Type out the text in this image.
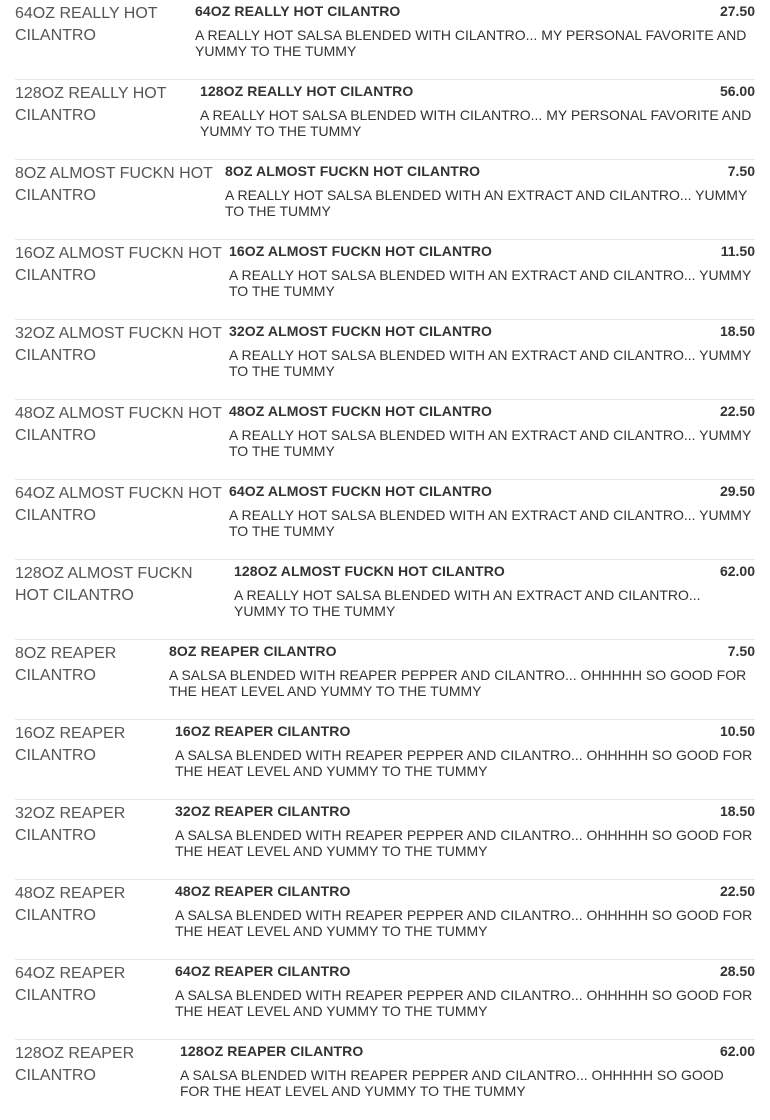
64OZ REALLY HOT CILANTRO
64OZ REALLY HOT CILANTRO	27.50
A REALLY HOT SALSA BLENDED WITH CILANTRO... MY PERSONAL FAVORITE AND YUMMY TO THE TUMMY
128OZ REALLY HOT CILANTRO
128OZ REALLY HOT CILANTRO	56.00
A REALLY HOT SALSA BLENDED WITH CILANTRO... MY PERSONAL FAVORITE AND YUMMY TO THE TUMMY
8OZ ALMOST FUCKN HOT CILANTRO
8OZ ALMOST FUCKN HOT CILANTRO	7.50
A REALLY HOT SALSA BLENDED WITH AN EXTRACT AND CILANTRO... YUMMY TO THE TUMMY
16OZ ALMOST FUCKN HOT CILANTRO
16OZ ALMOST FUCKN HOT CILANTRO	11.50
A REALLY HOT SALSA BLENDED WITH AN EXTRACT AND CILANTRO... YUMMY TO THE TUMMY
32OZ ALMOST FUCKN HOT CILANTRO
32OZ ALMOST FUCKN HOT CILANTRO	18.50
A REALLY HOT SALSA BLENDED WITH AN EXTRACT AND CILANTRO... YUMMY TO THE TUMMY
48OZ ALMOST FUCKN HOT CILANTRO
48OZ ALMOST FUCKN HOT CILANTRO	22.50
A REALLY HOT SALSA BLENDED WITH AN EXTRACT AND CILANTRO... YUMMY TO THE TUMMY
64OZ ALMOST FUCKN HOT CILANTRO
64OZ ALMOST FUCKN HOT CILANTRO	29.50
A REALLY HOT SALSA BLENDED WITH AN EXTRACT AND CILANTRO... YUMMY TO THE TUMMY
128OZ ALMOST FUCKN HOT CILANTRO
128OZ ALMOST FUCKN HOT CILANTRO	62.00
A REALLY HOT SALSA BLENDED WITH AN EXTRACT AND CILANTRO... YUMMY TO THE TUMMY
8OZ REAPER CILANTRO
8OZ REAPER CILANTRO	7.50
A SALSA BLENDED WITH REAPER PEPPER AND CILANTRO... OHHHHH SO GOOD FOR THE HEAT LEVEL AND YUMMY TO THE TUMMY
16OZ REAPER CILANTRO
16OZ REAPER CILANTRO	10.50
A SALSA BLENDED WITH REAPER PEPPER AND CILANTRO... OHHHHH SO GOOD FOR THE HEAT LEVEL AND YUMMY TO THE TUMMY
32OZ REAPER CILANTRO
32OZ REAPER CILANTRO	18.50
A SALSA BLENDED WITH REAPER PEPPER AND CILANTRO... OHHHHH SO GOOD FOR THE HEAT LEVEL AND YUMMY TO THE TUMMY
48OZ REAPER CILANTRO
48OZ REAPER CILANTRO	22.50
A SALSA BLENDED WITH REAPER PEPPER AND CILANTRO... OHHHHH SO GOOD FOR THE HEAT LEVEL AND YUMMY TO THE TUMMY
64OZ REAPER CILANTRO
64OZ REAPER CILANTRO	28.50
A SALSA BLENDED WITH REAPER PEPPER AND CILANTRO... OHHHHH SO GOOD FOR THE HEAT LEVEL AND YUMMY TO THE TUMMY
128OZ REAPER CILANTRO
128OZ REAPER CILANTRO	62.00
A SALSA BLENDED WITH REAPER PEPPER AND CILANTRO... OHHHHH SO GOOD FOR THE HEAT LEVEL AND YUMMY TO THE TUMMY
